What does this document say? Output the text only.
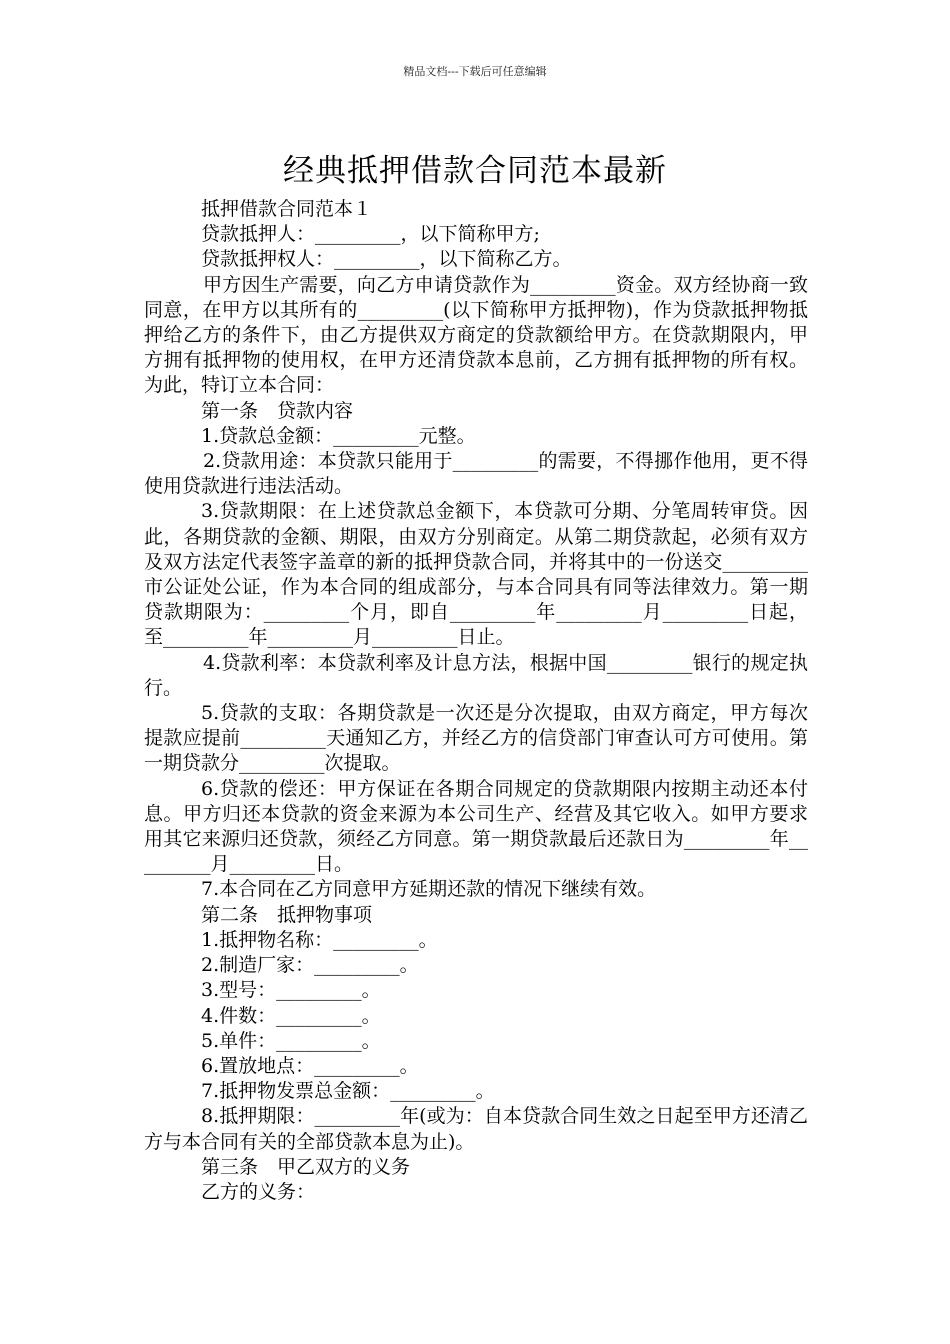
精品文档---下载后可任意编辑
经典抵押借款合同范本最新

抵押借款合同范本１

贷款抵押人：_________，以下简称甲方;

贷款抵押权人：_________，以下简称乙方。

甲方因生产需要，向乙方申请贷款作为_________资金。双方经协商一致同意，在甲方以其所有的_________(以下简称甲方抵押物)，作为贷款抵押物抵押给乙方的条件下，由乙方提供双方商定的贷款额给甲方。在贷款期限内，甲方拥有抵押物的使用权，在甲方还清贷款本息前，乙方拥有抵押物的所有权。为此，特订立本合同：

第一条　贷款内容

1.贷款总金额：_________元整。

2.贷款用途：本贷款只能用于_________的需要，不得挪作他用，更不得使用贷款进行违法活动。

3.贷款期限：在上述贷款总金额下，本贷款可分期、分笔周转审贷。因此，各期贷款的金额、期限，由双方分别商定。从第二期贷款起，必须有双方及双方法定代表签字盖章的新的抵押贷款合同，并将其中的一份送交_________市公证处公证，作为本合同的组成部分，与本合同具有同等法律效力。第一期贷款期限为：_________个月，即自_________年_________月_________日起，至_________年_________月_________日止。

4.贷款利率：本贷款利率及计息方法，根据中国_________银行的规定执行。

5.贷款的支取：各期贷款是一次还是分次提取，由双方商定，甲方每次提款应提前_________天通知乙方，并经乙方的信贷部门审查认可方可使用。第一期贷款分_________次提取。

6.贷款的偿还：甲方保证在各期合同规定的贷款期限内按期主动还本付息。甲方归还本贷款的资金来源为本公司生产、经营及其它收入。如甲方要求用其它来源归还贷款，须经乙方同意。第一期贷款最后还款日为_________年_________月_________日。

7.本合同在乙方同意甲方延期还款的情况下继续有效。

第二条　抵押物事项

1.抵押物名称：_________。

2.制造厂家：_________。

3.型号：_________。

4.件数：_________。

5.单件：_________。

6.置放地点：_________。

7.抵押物发票总金额：_________。

8.抵押期限：_________年(或为：自本贷款合同生效之日起至甲方还清乙方与本合同有关的全部贷款本息为止)。

第三条　甲乙双方的义务

乙方的义务：
